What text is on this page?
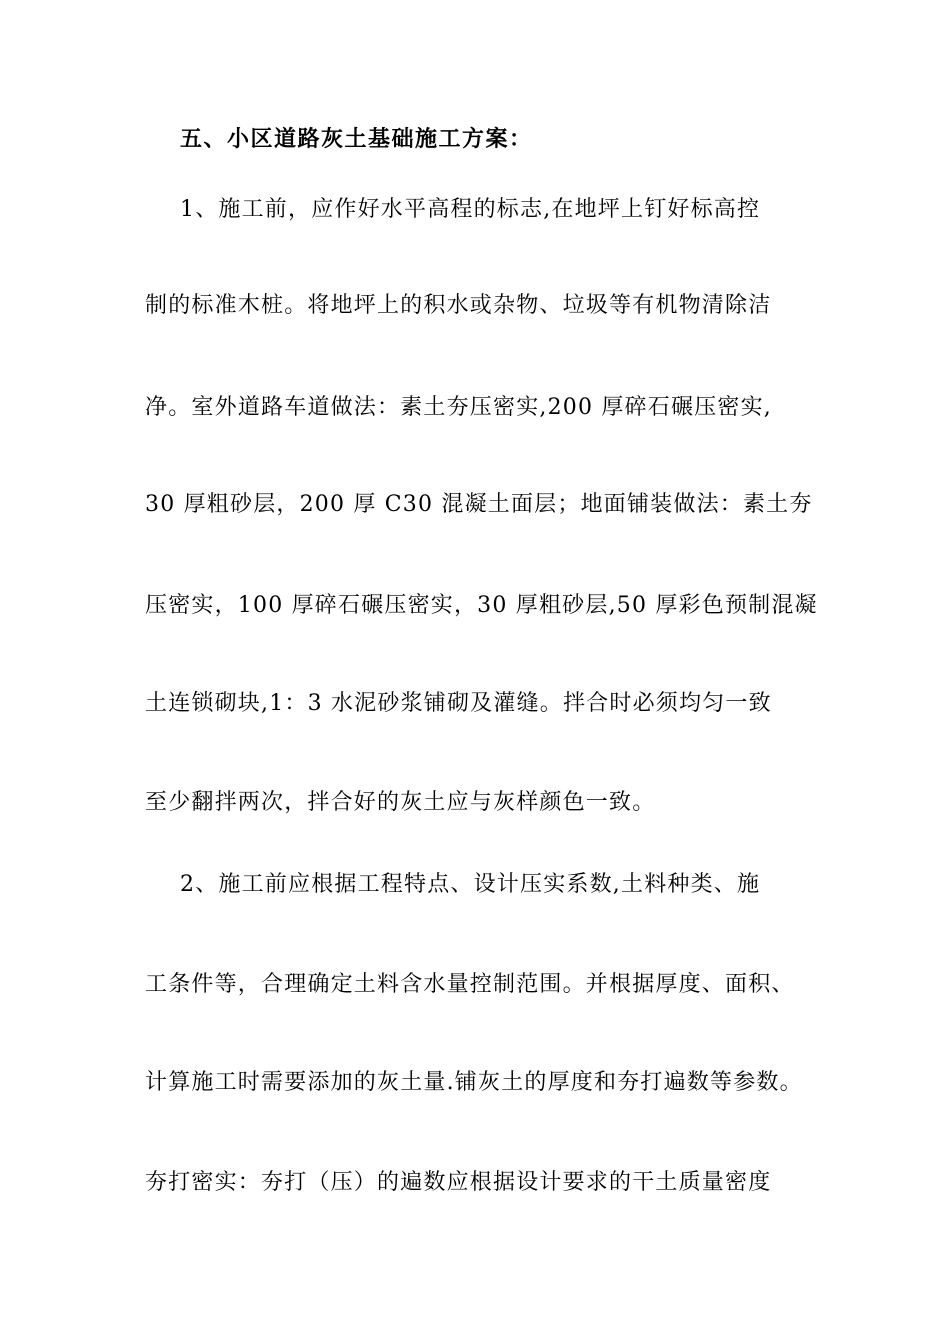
五、小区道路灰土基础施工方案：
1、施工前，应作好水平高程的标志,在地坪上钉好标高控
制的标准木桩。将地坪上的积水或杂物、垃圾等有机物清除洁
净。室外道路车道做法：素土夯压密实,200 厚碎石碾压密实,
30 厚粗砂层，200 厚 C30 混凝土面层；地面铺装做法：素土夯
压密实，100 厚碎石碾压密实，30 厚粗砂层,50 厚彩色预制混凝
土连锁砌块,1：3 水泥砂浆铺砌及灌缝。拌合时必须均匀一致
至少翻拌两次，拌合好的灰土应与灰样颜色一致。
2、施工前应根据工程特点、设计压实系数,土料种类、施
工条件等，合理确定土料含水量控制范围。并根据厚度、面积、
计算施工时需要添加的灰土量.铺灰土的厚度和夯打遍数等参数。
夯打密实：夯打（压）的遍数应根据设计要求的干土质量密度
